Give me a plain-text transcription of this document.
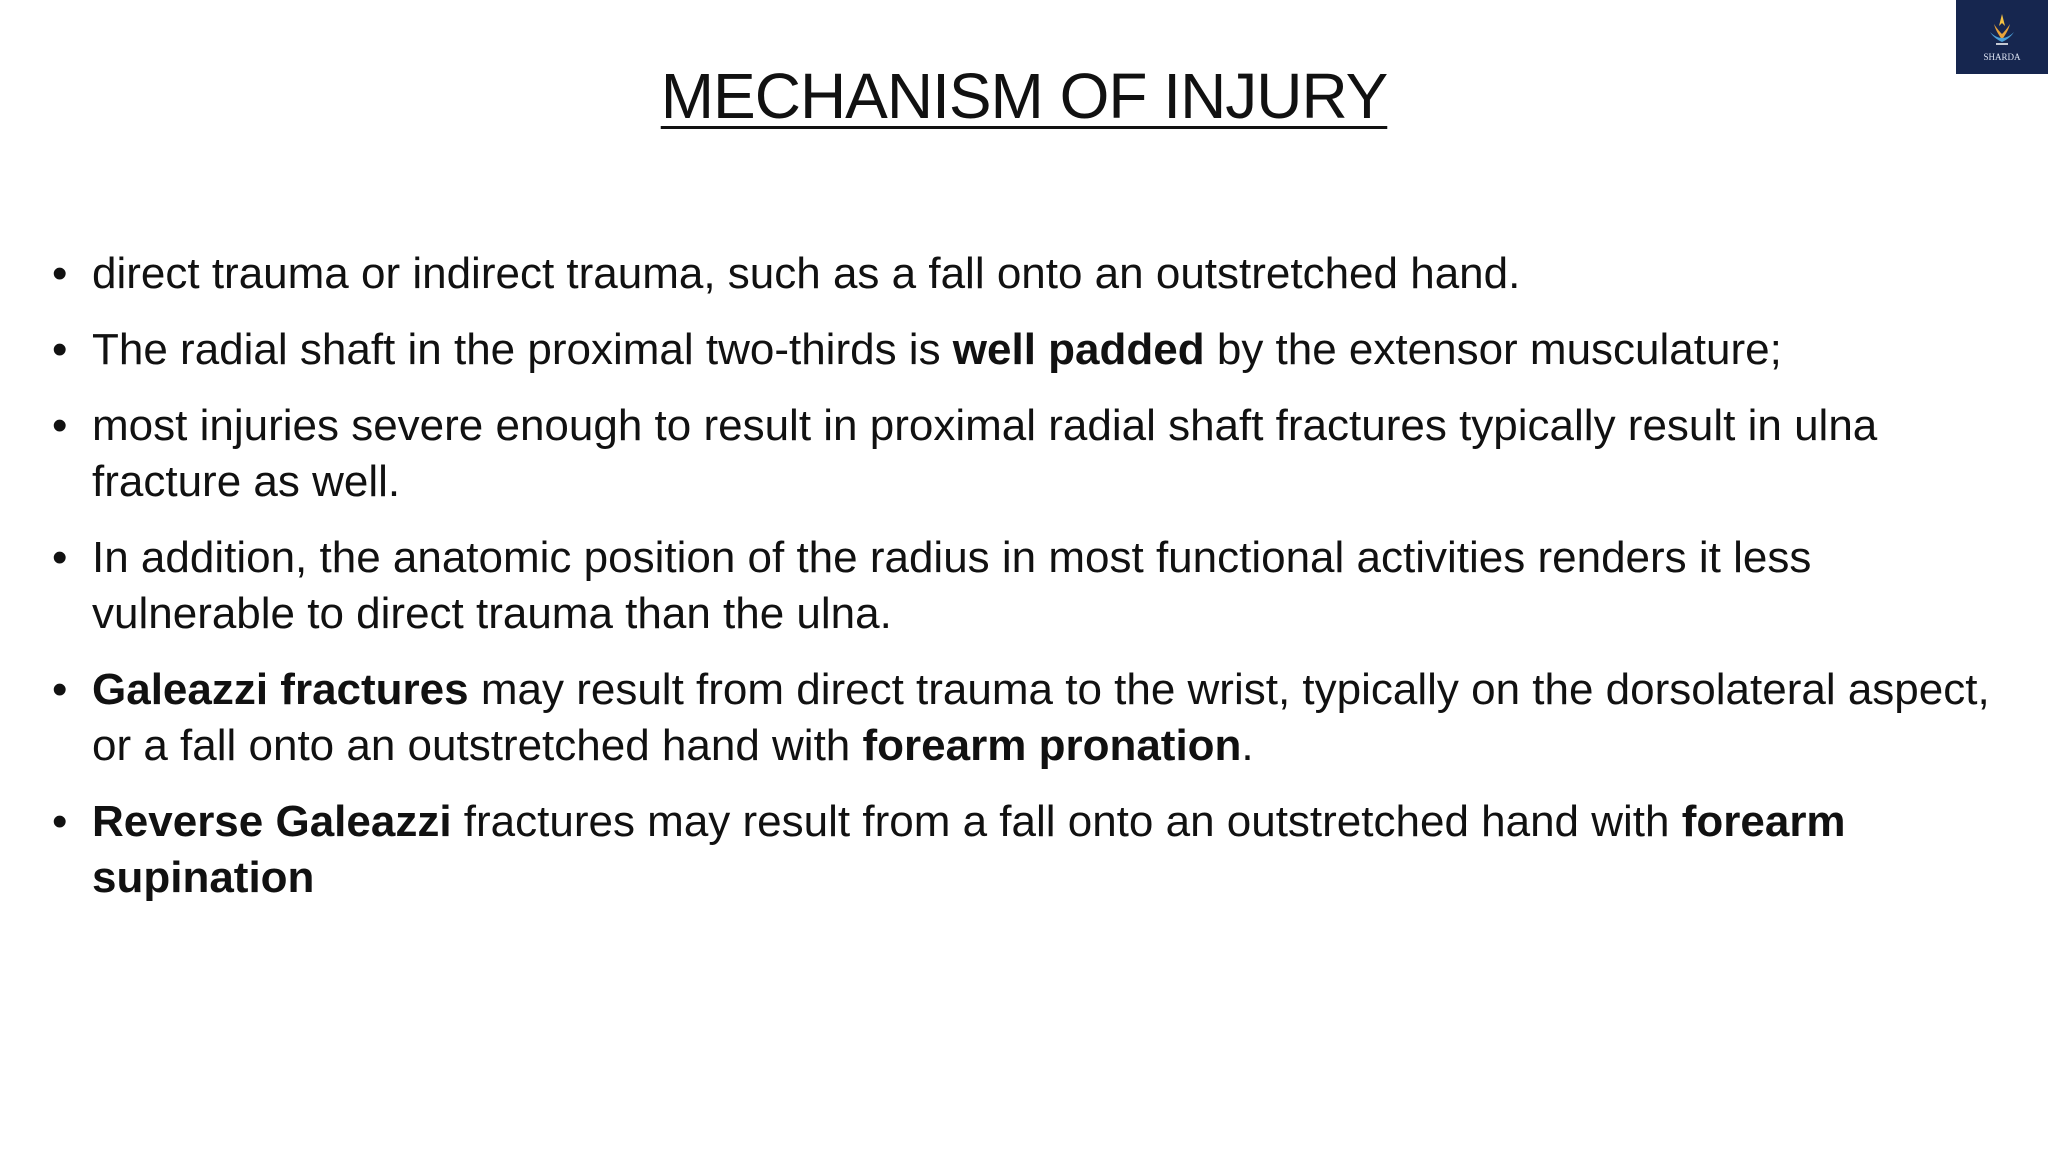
SHARDA
MECHANISM OF INJURY
• direct trauma or indirect trauma, such as a fall onto an outstretched hand.
• The radial shaft in the proximal two-thirds is well padded by the extensor musculature;
• most injuries severe enough to result in proximal radial shaft fractures typically result in ulna fracture as well.
• In addition, the anatomic position of the radius in most functional activities renders it less vulnerable to direct trauma than the ulna.
• Galeazzi fractures may result from direct trauma to the wrist, typically on the dorsolateral aspect, or a fall onto an outstretched hand with forearm pronation.
• Reverse Galeazzi fractures may result from a fall onto an outstretched hand with forearm supination
